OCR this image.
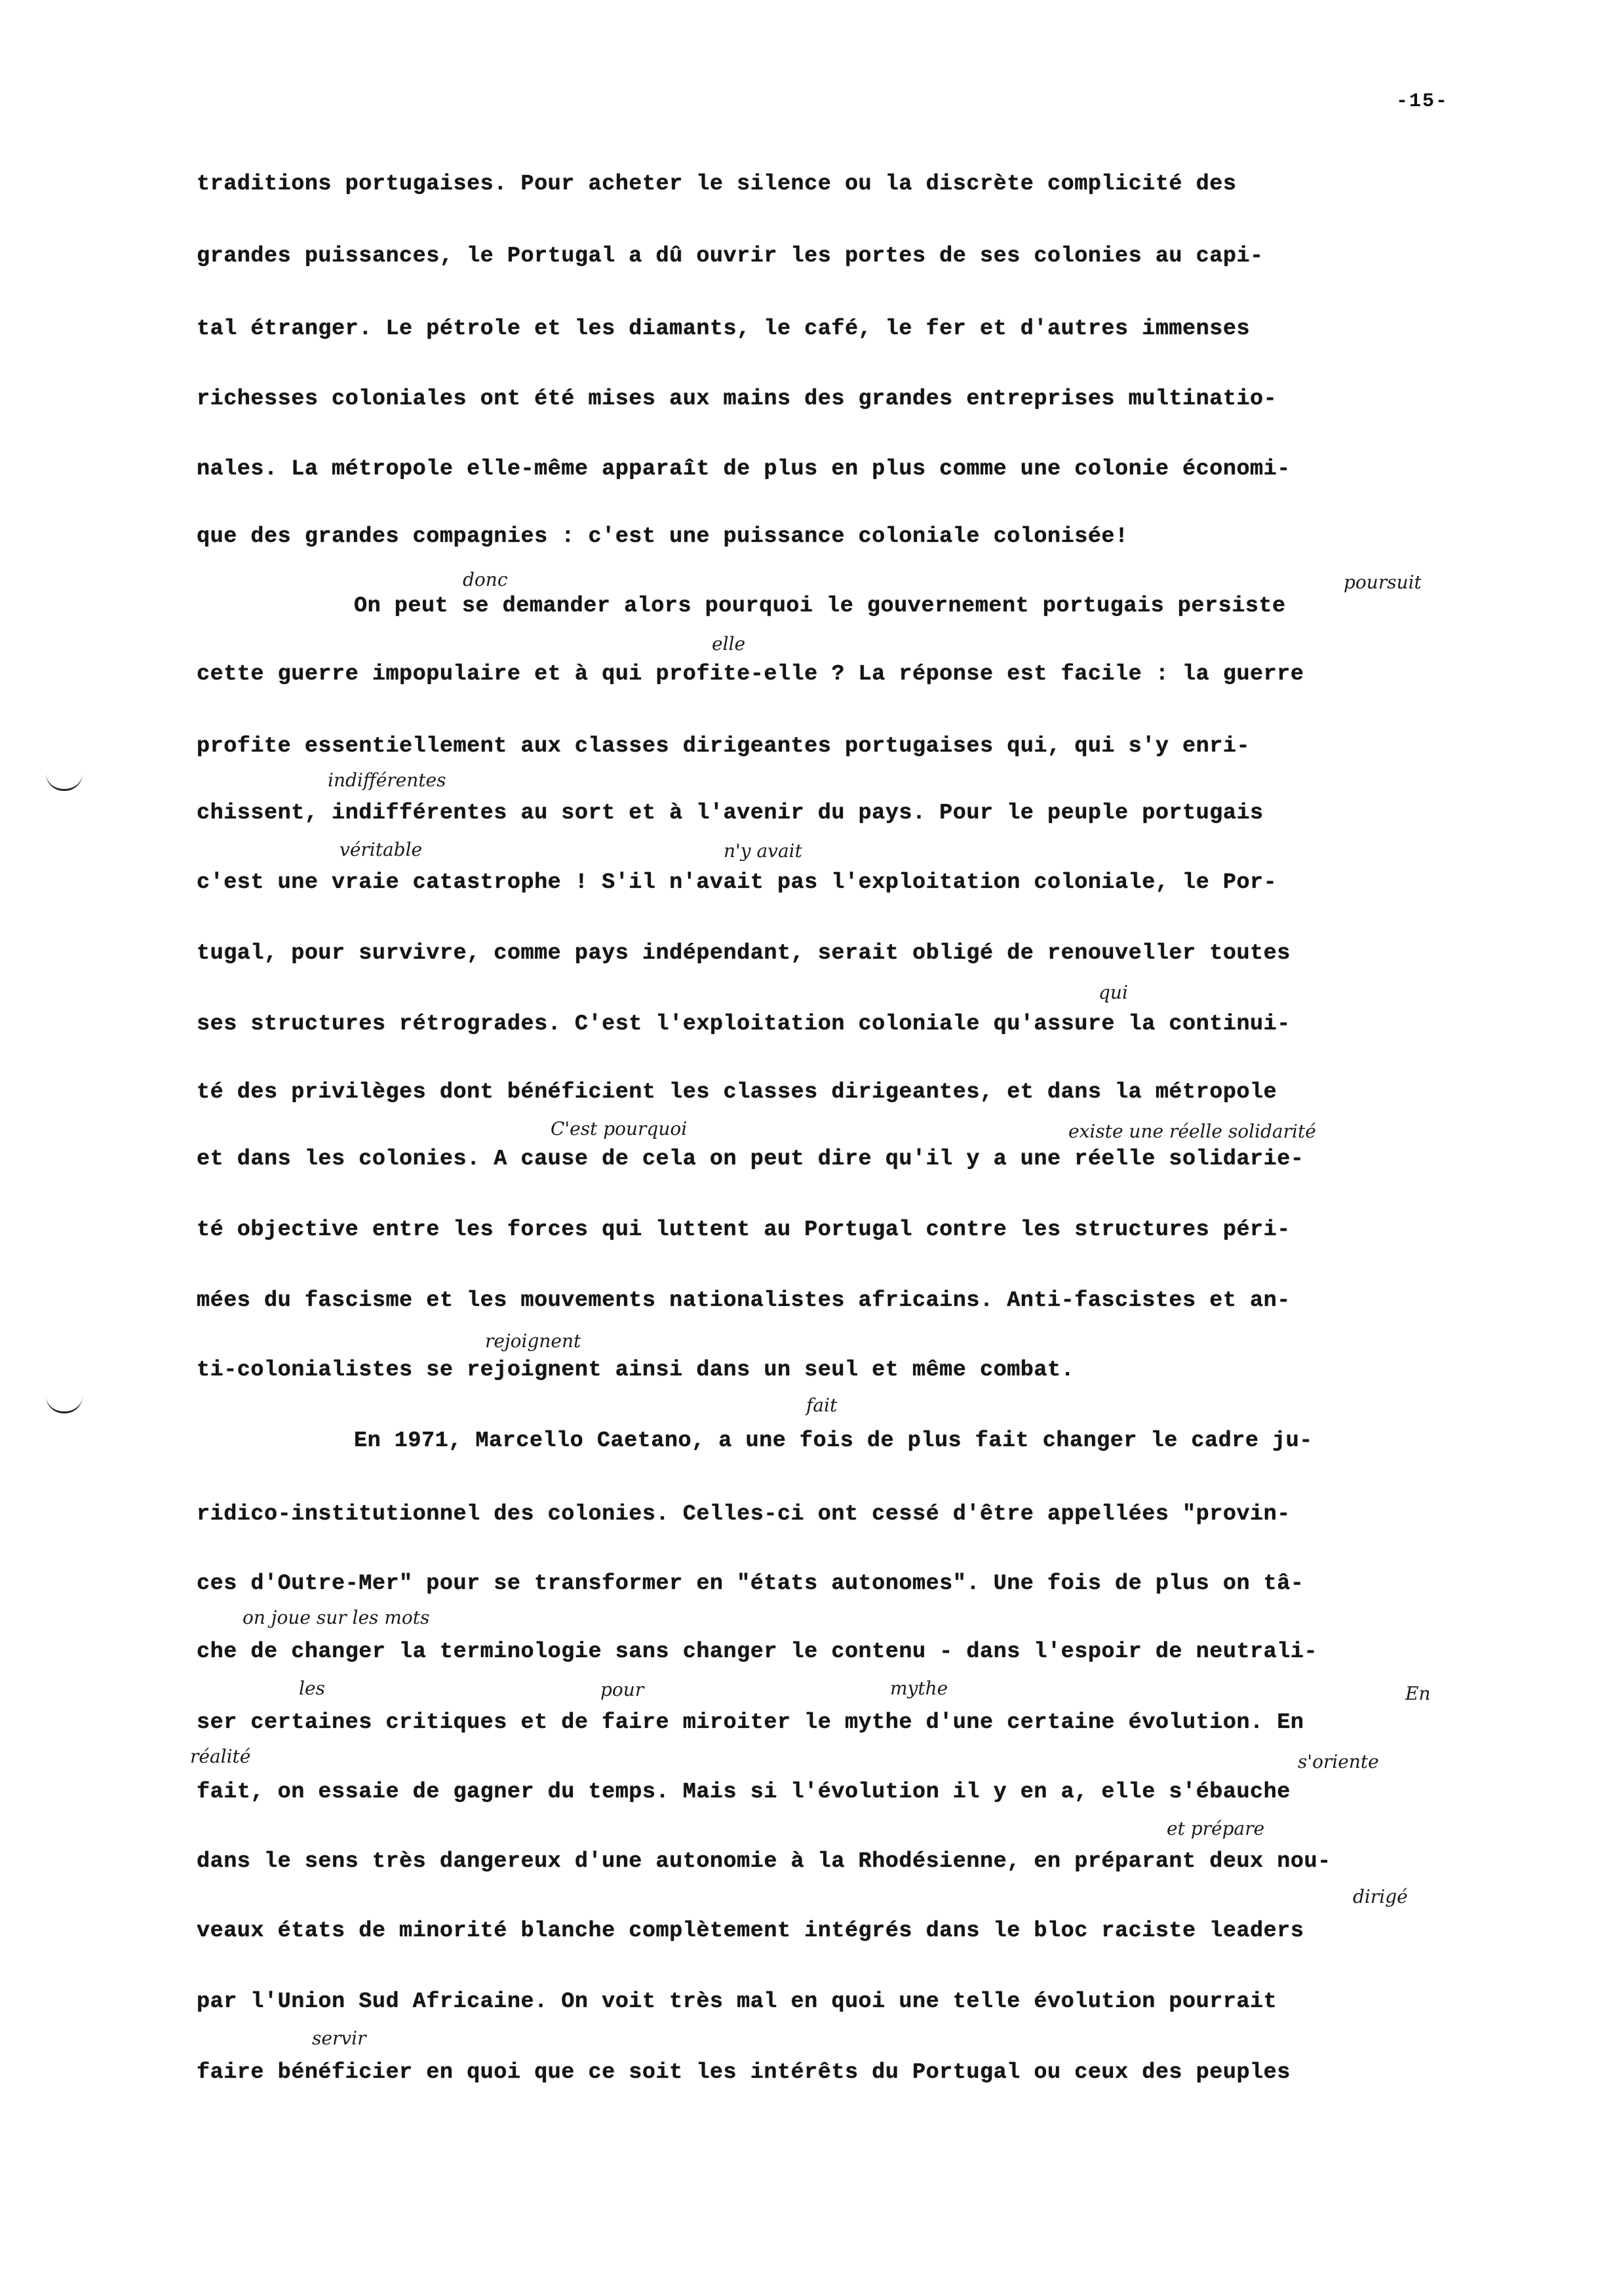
-15-
traditions portugaises. Pour acheter le silence ou la discrète complicité des
grandes puissances, le Portugal a dû ouvrir les portes de ses colonies au capi-
tal étranger. Le pétrole et les diamants, le café, le fer et d'autres immenses
richesses coloniales ont été mises aux mains des grandes entreprises multinatio-
nales. La métropole elle-même apparaît de plus en plus comme une colonie économi-
que des grandes compagnies : c'est une puissance coloniale colonisée!
donc	poursuit
On peut se demander alors pourquoi le gouvernement portugais persiste
elle
cette guerre impopulaire et à qui profite-elle ? La réponse est facile : la guerre
profite essentiellement aux classes dirigeantes portugaises qui, qui s'y enri-
indifférentes
chissent, indifférentes au sort et à l'avenir du pays. Pour le peuple portugais
véritable	n'y avait
c'est une vraie catastrophe ! S'il n'avait pas l'exploitation coloniale, le Por-
tugal, pour survivre, comme pays indépendant, serait obligé de renouveller toutes
qui
ses structures rétrogrades. C'est l'exploitation coloniale qu'assure la continui-
té des privilèges dont bénéficient les classes dirigeantes, et dans la métropole
C'est pourquoi	existe une réelle solidarité
et dans les colonies. A cause de cela on peut dire qu'il y a une réelle solidarie-
té objective entre les forces qui luttent au Portugal contre les structures péri-
mées du fascisme et les mouvements nationalistes africains. Anti-fascistes et an-
rejoignent
ti-colonialistes se rejoignent ainsi dans un seul et même combat.
fait
En 1971, Marcello Caetano, a une fois de plus fait changer le cadre ju-
ridico-institutionnel des colonies. Celles-ci ont cessé d'être appellées "provin-
ces d'Outre-Mer" pour se transformer en "états autonomes". Une fois de plus on tâ-
on joue sur les mots
che de changer la terminologie sans changer le contenu - dans l'espoir de neutrali-
les	pour	mythe	En
ser certaines critiques et de faire miroiter le mythe d'une certaine évolution. En
réalité	s'oriente
fait, on essaie de gagner du temps. Mais si l'évolution il y en a, elle s'ébauche
et prépare
dans le sens très dangereux d'une autonomie à la Rhodésienne, en préparant deux nou-
dirigé
veaux états de minorité blanche complètement intégrés dans le bloc raciste leaders
par l'Union Sud Africaine. On voit très mal en quoi une telle évolution pourrait
servir
faire bénéficier en quoi que ce soit les intérêts du Portugal ou ceux des peuples
